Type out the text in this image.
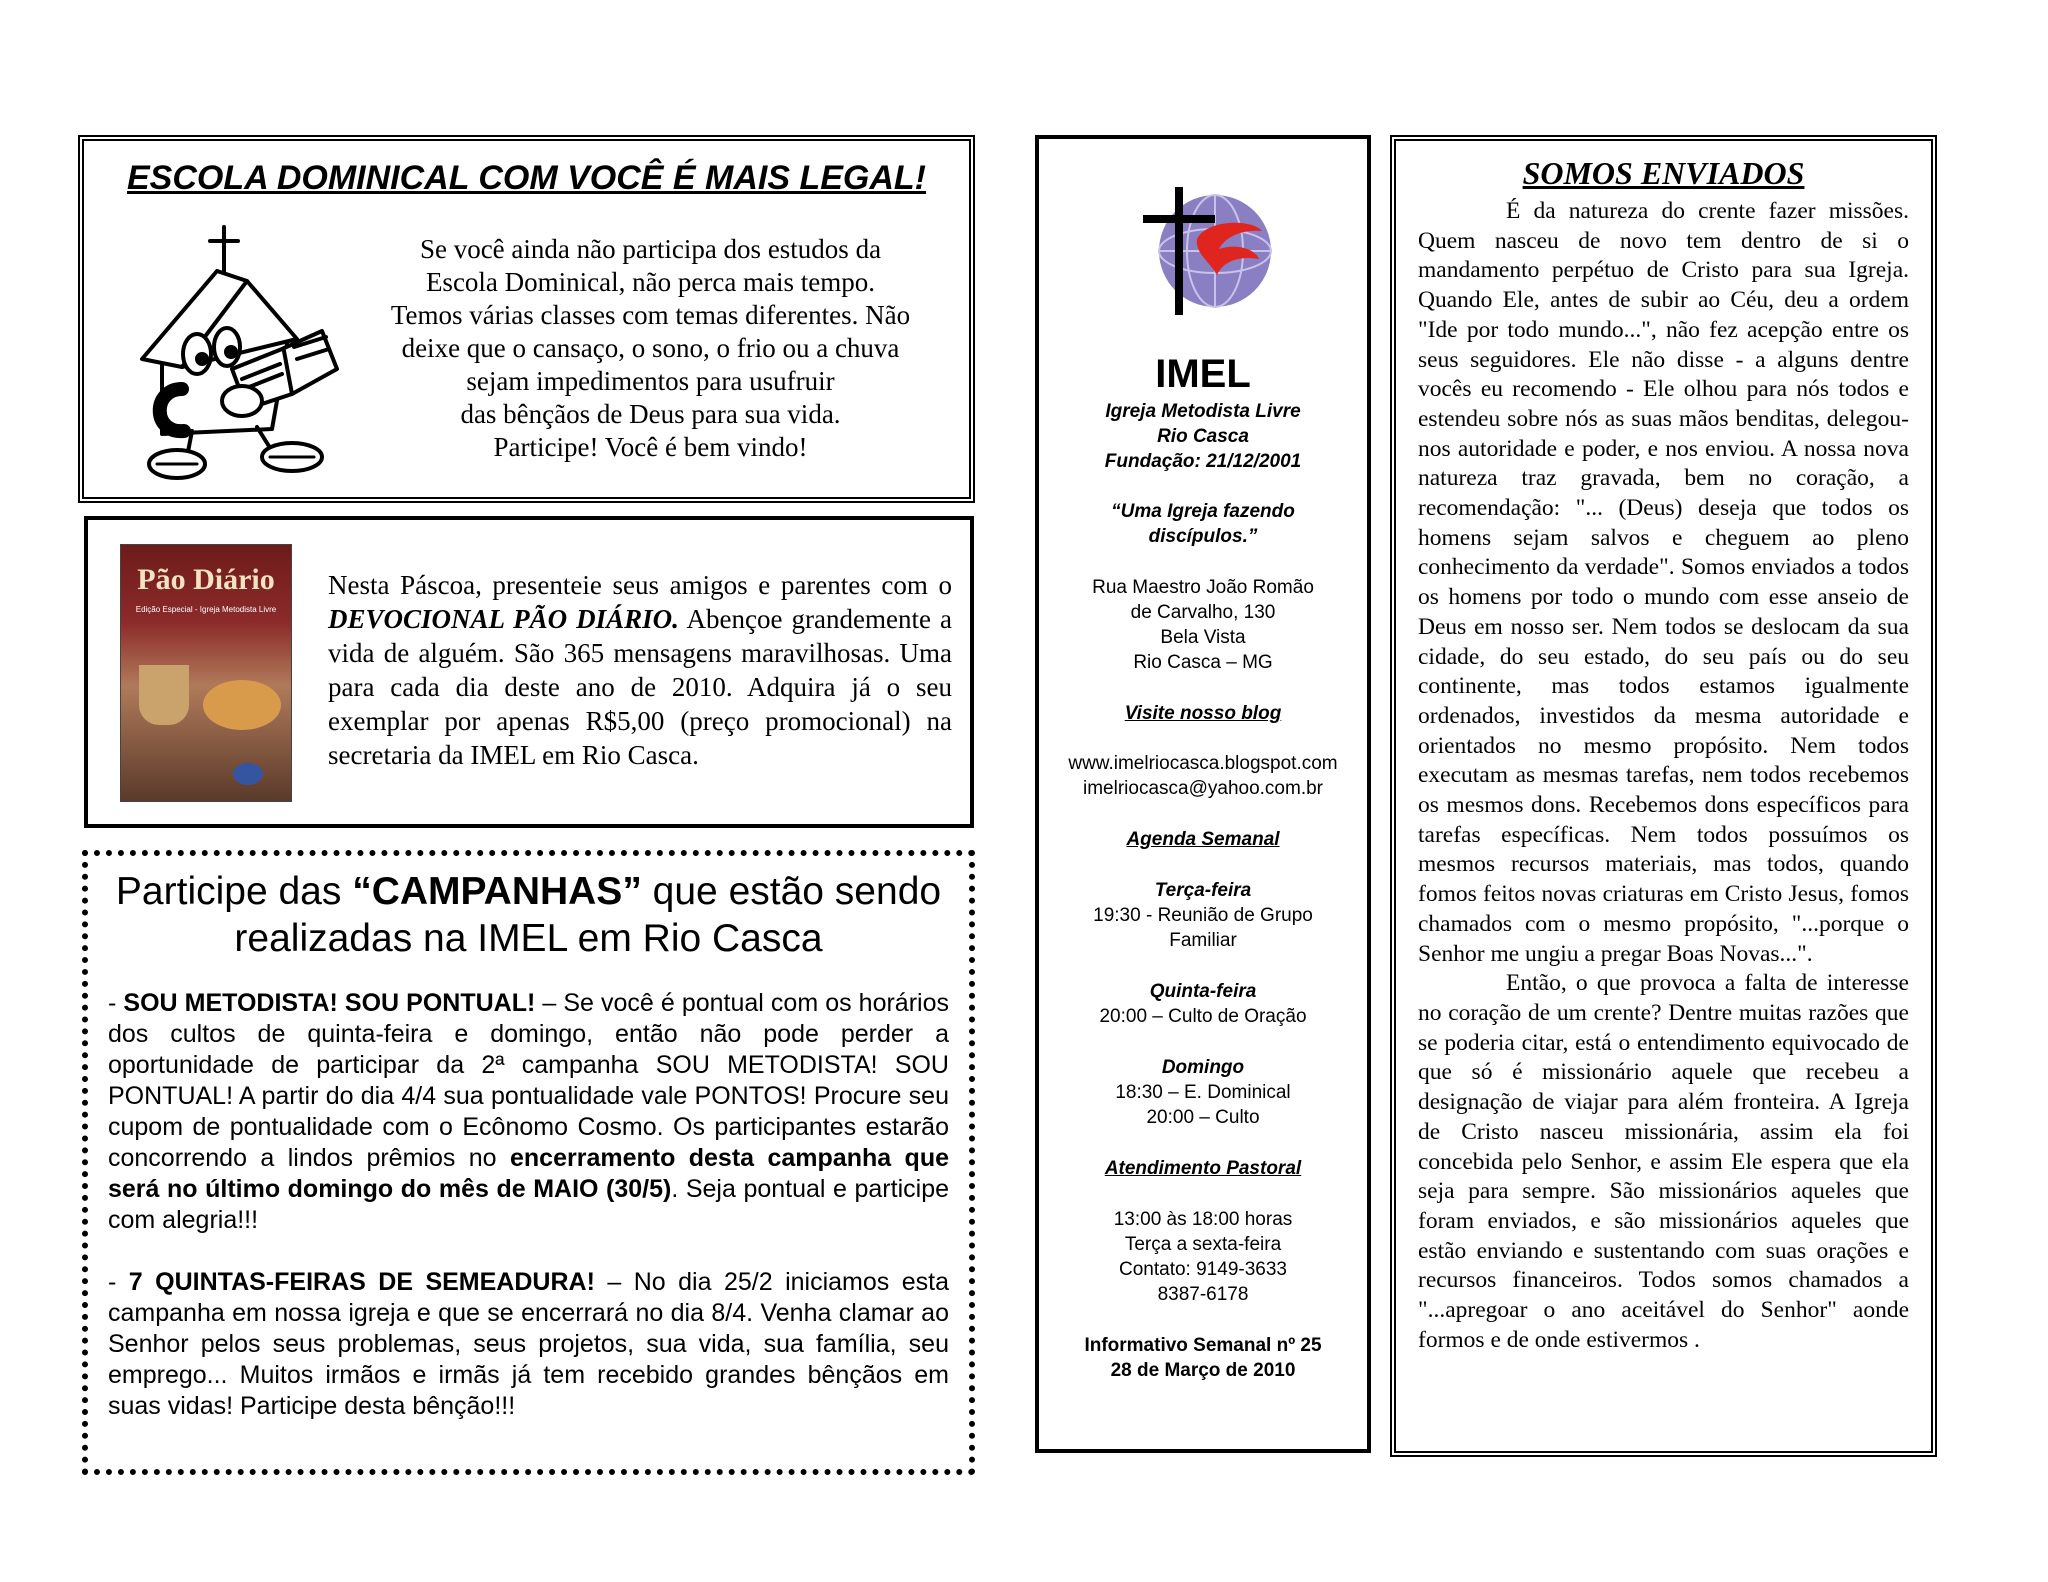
ESCOLA DOMINICAL COM VOCÊ É MAIS LEGAL!

Se você ainda não participa dos estudos da

Escola Dominical, não perca mais tempo.

Temos várias classes com temas diferentes. Não

deixe que o cansaço, o sono, o frio ou a chuva

sejam impedimentos para usufruir

das bênçãos de Deus para sua vida.

Participe! Você é bem vindo!

Pão Diário
Edição Especial - Igreja Metodista Livre
Nesta Páscoa, presenteie seus amigos e parentes com o DEVOCIONAL PÃO DIÁRIO. Abençoe grandemente a vida de alguém. São 365 mensagens maravilhosas. Uma para cada dia deste ano de 2010. Adquira já o seu exemplar por apenas R$5,00 (preço promocional) na secretaria da IMEL em Rio Casca.
Participe das “CAMPANHAS” que estão sendo realizadas na IMEL em Rio Casca

- SOU METODISTA! SOU PONTUAL! – Se você é pontual com os horários dos cultos de quinta-feira e domingo, então não pode perder a oportunidade de participar da 2ª campanha SOU METODISTA! SOU PONTUAL! A partir do dia 4/4 sua pontualidade vale PONTOS! Procure seu cupom de pontualidade com o Ecônomo Cosmo. Os participantes estarão concorrendo a lindos prêmios no encerramento desta campanha que será no último domingo do mês de MAIO (30/5). Seja pontual e participe com alegria!!!

- 7 QUINTAS-FEIRAS DE SEMEADURA! – No dia 25/2 iniciamos esta campanha em nossa igreja e que se encerrará no dia 8/4. Venha clamar ao Senhor pelos seus problemas, seus projetos, sua vida, sua família, seu emprego... Muitos irmãos e irmãs já tem recebido grandes bênçãos em suas vidas! Participe desta bênção!!!

IMEL
Igreja Metodista Livre
Rio Casca
Fundação: 21/12/2001
“Uma Igreja fazendo
discípulos.”
Rua Maestro João Romão
de Carvalho, 130
Bela Vista
Rio Casca – MG
Visite nosso blog
www.imelriocasca.blogspot.com
imelriocasca@yahoo.com.br
Agenda Semanal
Terça-feira
19:30 - Reunião de Grupo
Familiar
Quinta-feira
20:00 – Culto de Oração
Domingo
18:30 – E. Dominical
20:00 – Culto
Atendimento Pastoral
13:00 às 18:00 horas
Terça a sexta-feira
Contato: 9149-3633
8387-6178
Informativo Semanal nº 25
28 de Março de 2010
SOMOS ENVIADOS

É da natureza do crente fazer missões. Quem nasceu de novo tem dentro de si o mandamento perpétuo de Cristo para sua Igreja. Quando Ele, antes de subir ao Céu, deu a ordem "Ide por todo mundo...", não fez acepção entre os seus seguidores. Ele não disse - a alguns dentre vocês eu recomendo - Ele olhou para nós todos e estendeu sobre nós as suas mãos benditas, delegou-nos autoridade e poder, e nos enviou. A nossa nova natureza traz gravada, bem no coração, a recomendação: "... (Deus) deseja que todos os homens sejam salvos e cheguem ao pleno conhecimento da verdade". Somos enviados a todos os homens por todo o mundo com esse anseio de Deus em nosso ser. Nem todos se deslocam da sua cidade, do seu estado, do seu país ou do seu continente, mas todos estamos igualmente ordenados, investidos da mesma autoridade e orientados no mesmo propósito. Nem todos executam as mesmas tarefas, nem todos recebemos os mesmos dons. Recebemos dons específicos para tarefas específicas. Nem todos possuímos os mesmos recursos materiais, mas todos, quando fomos feitos novas criaturas em Cristo Jesus, fomos chamados com o mesmo propósito, "...porque o Senhor me ungiu a pregar Boas Novas...".

Então, o que provoca a falta de interesse no coração de um crente? Dentre muitas razões que se poderia citar, está o entendimento equivocado de que só é missionário aquele que recebeu a designação de viajar para além fronteira. A Igreja de Cristo nasceu missionária, assim ela foi concebida pelo Senhor, e assim Ele espera que ela seja para sempre. São missionários aqueles que foram enviados, e são missionários aqueles que estão enviando e sustentando com suas orações e recursos financeiros. Todos somos chamados a "...apregoar o ano aceitável do Senhor" aonde formos e de onde estivermos .
